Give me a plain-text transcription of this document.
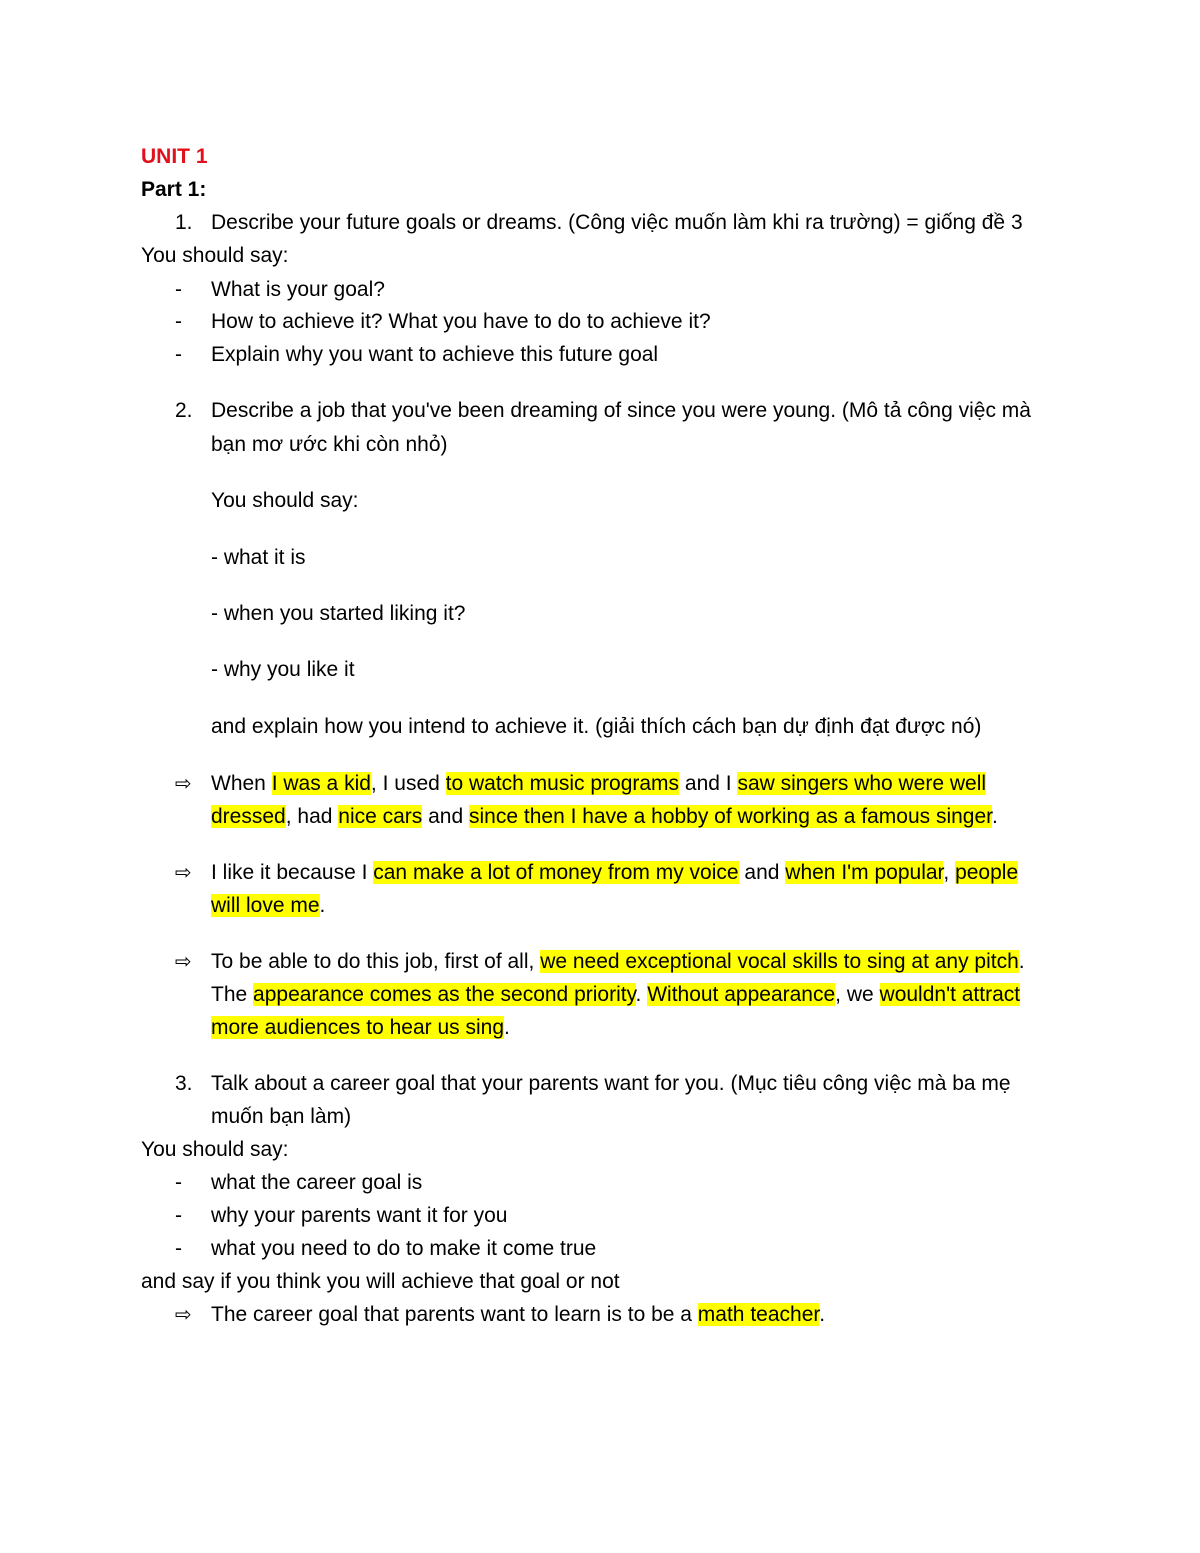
UNIT 1
Part 1:
1. Describe your future goals or dreams. (Công việc muốn làm khi ra trường) = giống đề 3
You should say:
- What is your goal?
- How to achieve it? What you have to do to achieve it?
- Explain why you want to achieve this future goal
2. Describe a job that you've been dreaming of since you were young. (Mô tả công việc mà
bạn mơ ước khi còn nhỏ)
You should say:
- what it is
- when you started liking it?
- why you like it
and explain how you intend to achieve it. (giải thích cách bạn dự định đạt được nó)
⇨ When I was a kid, I used to watch music programs and I saw singers who were well
dressed, had nice cars and since then I have a hobby of working as a famous singer.
⇨ I like it because I can make a lot of money from my voice and when I'm popular, people
will love me.
⇨ To be able to do this job, first of all, we need exceptional vocal skills to sing at any pitch.
The appearance comes as the second priority. Without appearance, we wouldn't attract
more audiences to hear us sing.
3. Talk about a career goal that your parents want for you. (Mục tiêu công việc mà ba mẹ
muốn bạn làm)
You should say:
- what the career goal is
- why your parents want it for you
- what you need to do to make it come true
and say if you think you will achieve that goal or not
⇨ The career goal that parents want to learn is to be a math teacher.
